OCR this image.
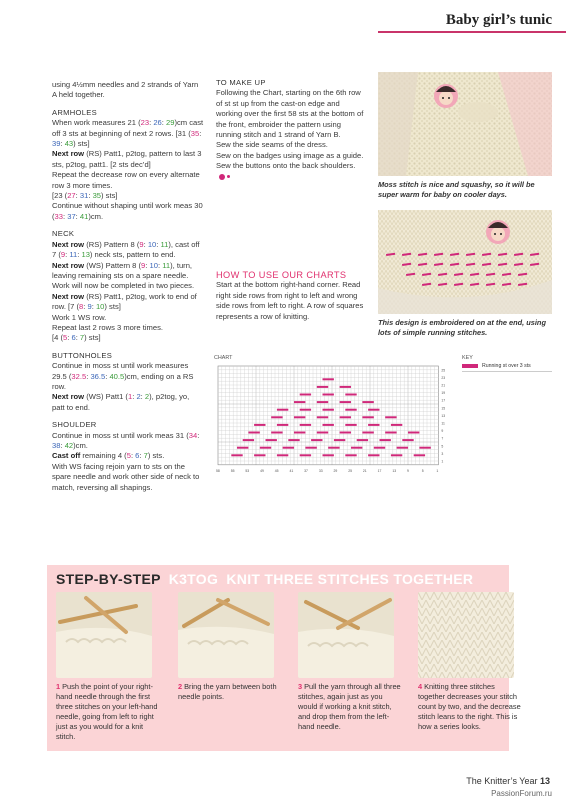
Baby girl’s tunic
using 4½mm needles and 2 strands of Yarn A held together.
ARMHOLES
When work measures 21 (23: 26: 29)cm cast off 3 sts at beginning of next 2 rows. [31 (35: 39: 43) sts]
Next row (RS) Patt1, p2tog, pattern to last 3 sts, p2tog, patt1. [2 sts dec’d]
Repeat the decrease row on every alternate row 3 more times.
[23 (27: 31: 35) sts]
Continue without shaping until work meas 30 (33: 37: 41)cm.
NECK
Next row (RS) Pattern 8 (9: 10: 11), cast off 7 (9: 11: 13) neck sts, pattern to end.
Next row (WS) Pattern 8 (9: 10: 11), turn, leaving remaining sts on a spare needle.
Work will now be completed in two pieces.
Next row (RS) Patt1, p2tog, work to end of row. [7 (8: 9: 10) sts]
Work 1 WS row.
Repeat last 2 rows 3 more times.
[4 (5: 6: 7) sts]
BUTTONHOLES
Continue in moss st until work measures 29.5 (32.5: 36.5: 40.5)cm, ending on a RS row.
Next row (WS) Patt1 (1: 2: 2), p2tog, yo, patt to end.
SHOULDER
Continue in moss st until work meas 31 (34: 38: 42)cm.
Cast off remaining 4 (5: 6: 7) sts.
With WS facing rejoin yarn to sts on the spare needle and work other side of neck to match, reversing all shapings.
TO MAKE UP
Following the Chart, starting on the 6th row of st st up from the cast-on edge and working over the first 58 sts at the bottom of the front, embroider the pattern using running stitch and 1 strand of Yarn B.
Sew the side seams of the dress.
Sew on the badges using image as a guide. Sew the buttons onto the back shoulders.
HOW TO USE OUR CHARTS
Start at the bottom right-hand corner. Read right side rows from right to left and wrong side rows from left to right. A row of squares represents a row of knitting.
Moss stitch is nice and squashy, so it will be super warm for baby on cooler days.
This design is embroidered on at the end, using lots of simple running stitches.
CHART	KEY
Running st over 3 sts
25
23
21
19
17
15
13
11
9
7
5
3
1
58	55	53	49	45	41	37	33	29	25	21	17	13	9	5	1
STEP-BY-STEP K3TOG KNIT THREE STITCHES TOGETHER
1 Push the point of your right-hand needle through the first three stitches on your left-hand needle, going from left to right just as you would for a knit stitch.
2 Bring the yarn between both needle points.
3 Pull the yarn through all three stitches, again just as you would if working a knit stitch, and drop them from the left-hand needle.
4 Knitting three stitches together decreases your stitch count by two, and the decrease stitch leans to the right. This is how a series looks.
The Knitter’s Year 13
PassionForum.ru
